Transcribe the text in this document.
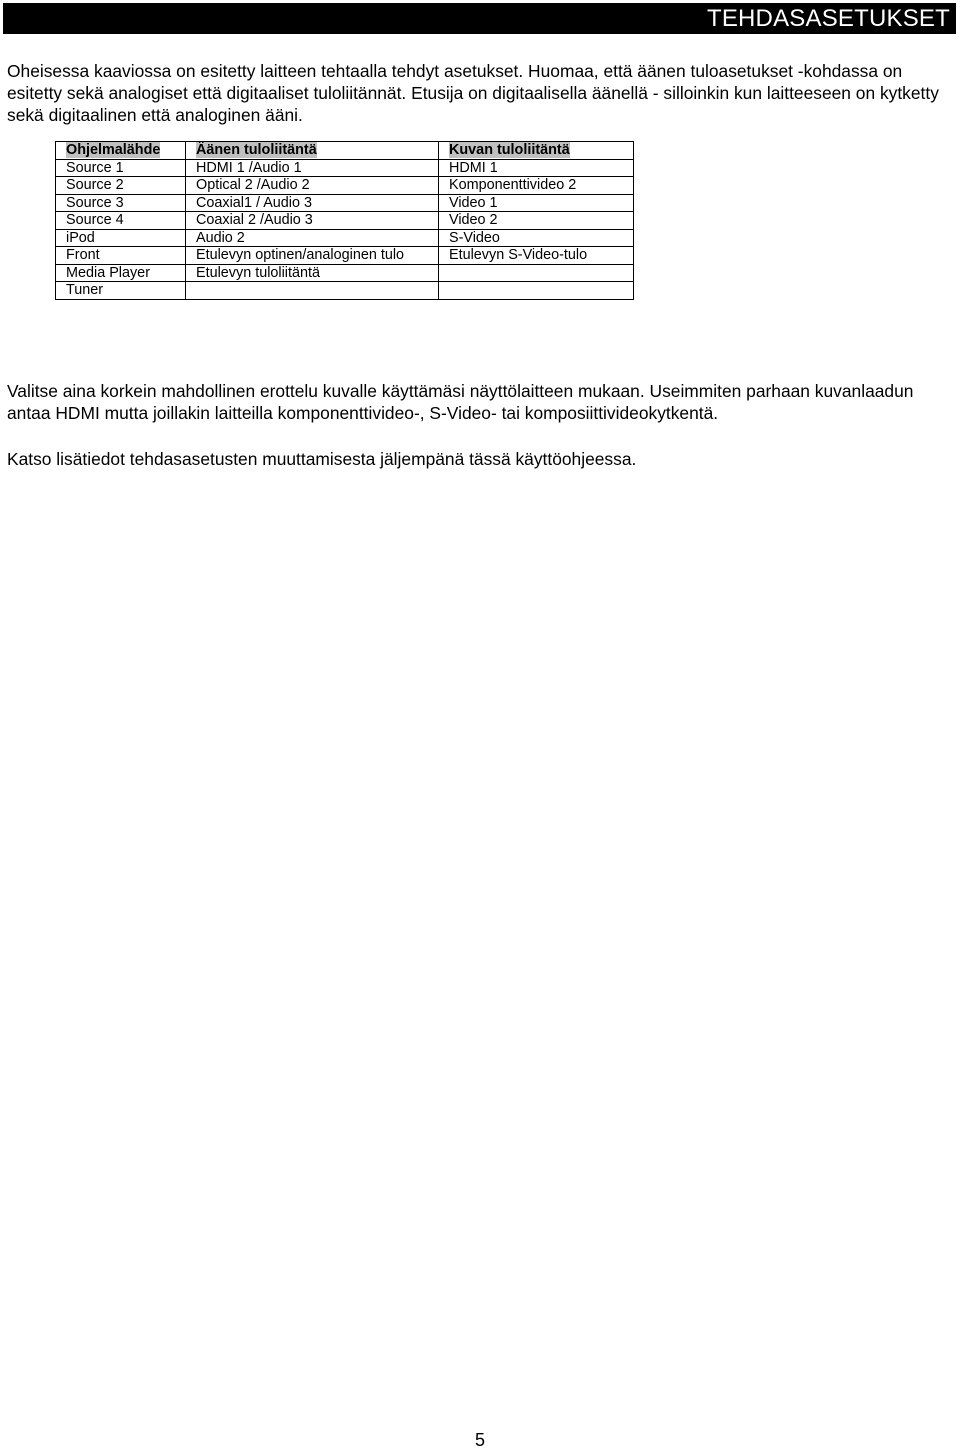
TEHDASASETUKSET

Oheisessa kaaviossa on esitetty laitteen tehtaalla tehdyt asetukset. Huomaa, että äänen tuloasetukset -kohdassa on esitetty sekä analogiset että digitaaliset tuloliitännät. Etusija on digitaalisella äänellä - silloinkin kun laitteeseen on kytketty sekä digitaalinen että analoginen ääni.

Ohjelmalähde	Äänen tuloliitäntä	Kuvan tuloliitäntä
Source 1	HDMI 1 /Audio 1	HDMI 1
Source 2	Optical 2 /Audio 2	Komponenttivideo 2
Source 3	Coaxial1 / Audio 3	Video 1
Source 4	Coaxial 2 /Audio 3	Video 2
iPod	Audio 2	S-Video
Front	Etulevyn optinen/analoginen tulo	Etulevyn S-Video-tulo
Media Player	Etulevyn tuloliitäntä	
Tuner		

Valitse aina korkein mahdollinen erottelu kuvalle käyttämäsi näyttölaitteen mukaan. Useimmiten parhaan kuvanlaadun antaa HDMI mutta joillakin laitteilla komponenttivideo-, S-Video- tai komposiittivideokytkentä.

Katso lisätiedot tehdasasetusten muuttamisesta jäljempänä tässä käyttöohjeessa.

5
